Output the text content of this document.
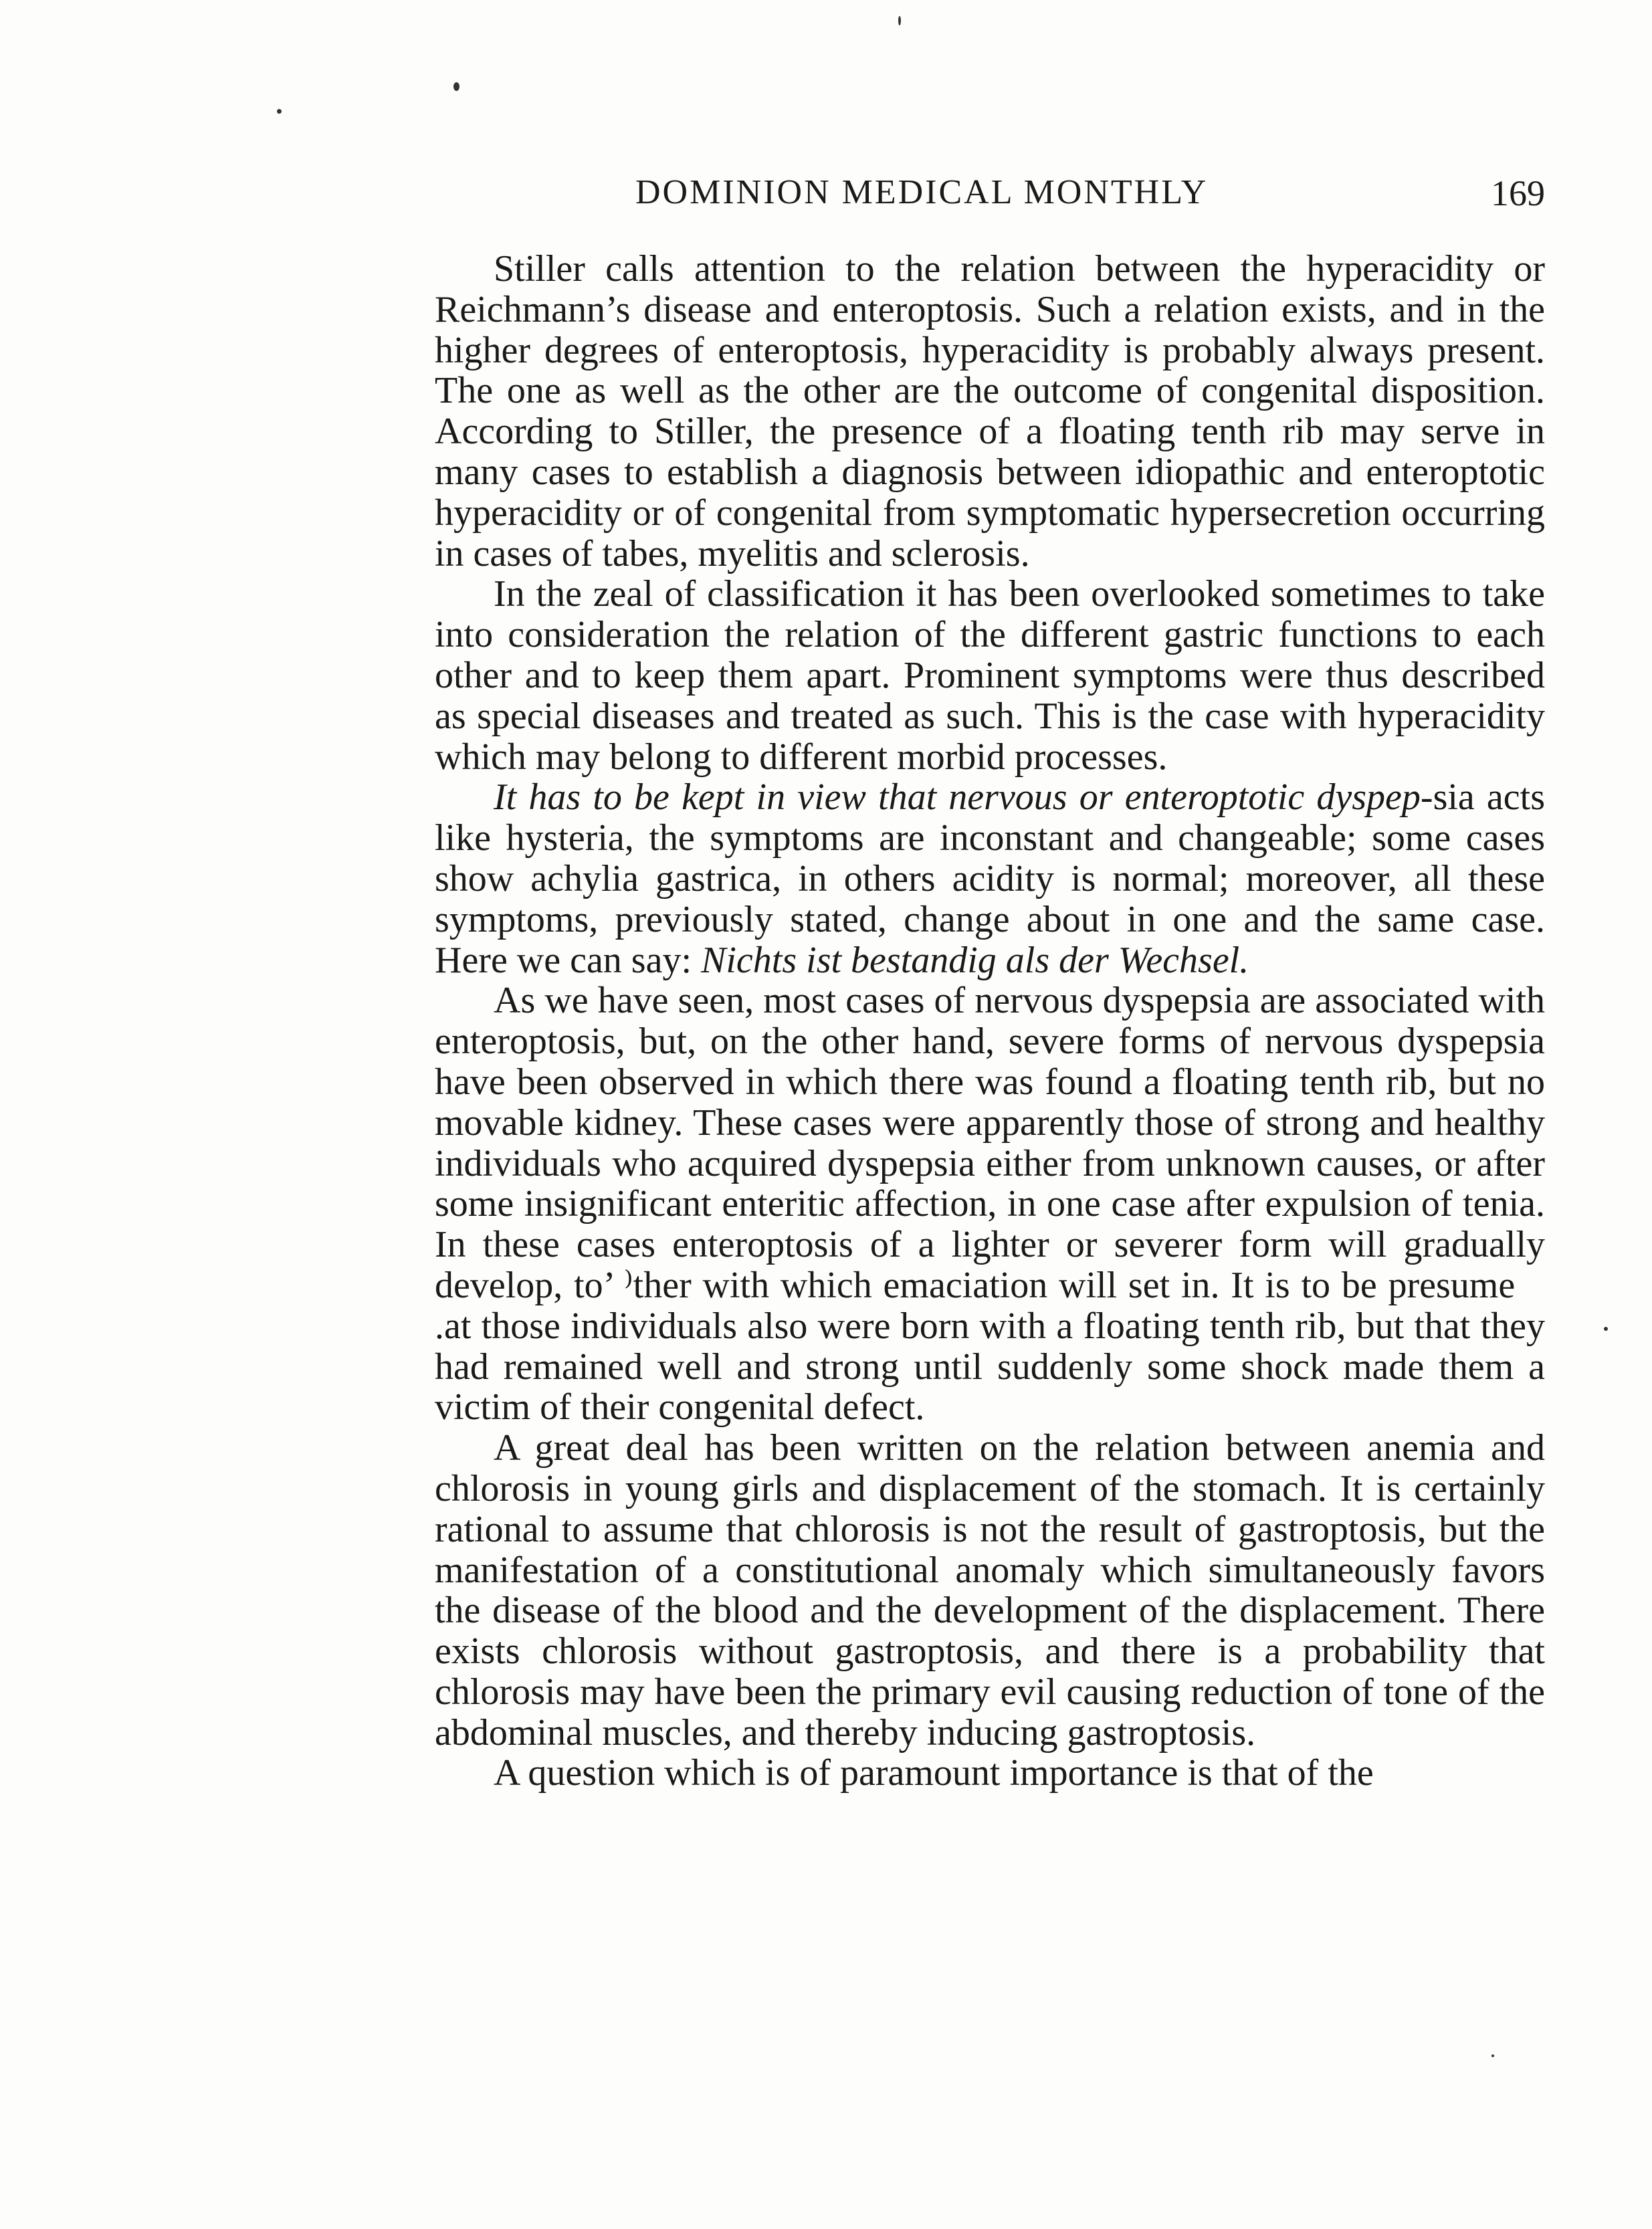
DOMINION MEDICAL MONTHLY	169

Stiller calls attention to the relation between the hyperacidity or Reichmann’s disease and enteroptosis. Such a relation exists, and in the higher degrees of enteroptosis, hyperacidity is probably always present. The one as well as the other are the outcome of congenital disposition. According to Stiller, the presence of a floating tenth rib may serve in many cases to establish a diagnosis between idiopathic and enteroptotic hyperacidity or of congenital from symptomatic hypersecretion occurring in cases of tabes, myelitis and sclerosis.

In the zeal of classification it has been overlooked sometimes to take into consideration the relation of the different gastric functions to each other and to keep them apart. Prominent symptoms were thus described as special diseases and treated as such. This is the case with hyperacidity which may belong to different morbid processes.

It has to be kept in view that nervous or enteroptotic dyspep-sia acts like hysteria, the symptoms are inconstant and changeable; some cases show achylia gastrica, in others acidity is normal; moreover, all these symptoms, previously stated, change about in one and the same case. Here we can say: Nichts ist bestandig als der Wechsel.

As we have seen, most cases of nervous dyspepsia are associated with enteroptosis, but, on the other hand, severe forms of nervous dyspepsia have been observed in which there was found a floating tenth rib, but no movable kidney. These cases were apparently those of strong and healthy individuals who acquired dyspepsia either from unknown causes, or after some insignificant enteritic affection, in one case after expulsion of tenia. In these cases enteroptosis of a lighter or severer form will gradually develop, to’ ⁾ther with which emaciation will set in. It is to be presume   .at those individuals also were born with a floating tenth rib, but that they had remained well and strong until suddenly some shock made them a victim of their congenital defect.

A great deal has been written on the relation between anemia and chlorosis in young girls and displacement of the stomach. It is certainly rational to assume that chlorosis is not the result of gastroptosis, but the manifestation of a constitutional anomaly which simultaneously favors the disease of the blood and the development of the displacement. There exists chlorosis without gastroptosis, and there is a probability that chlorosis may have been the primary evil causing reduction of tone of the abdominal muscles, and thereby inducing gastroptosis.

A question which is of paramount importance is that of the
